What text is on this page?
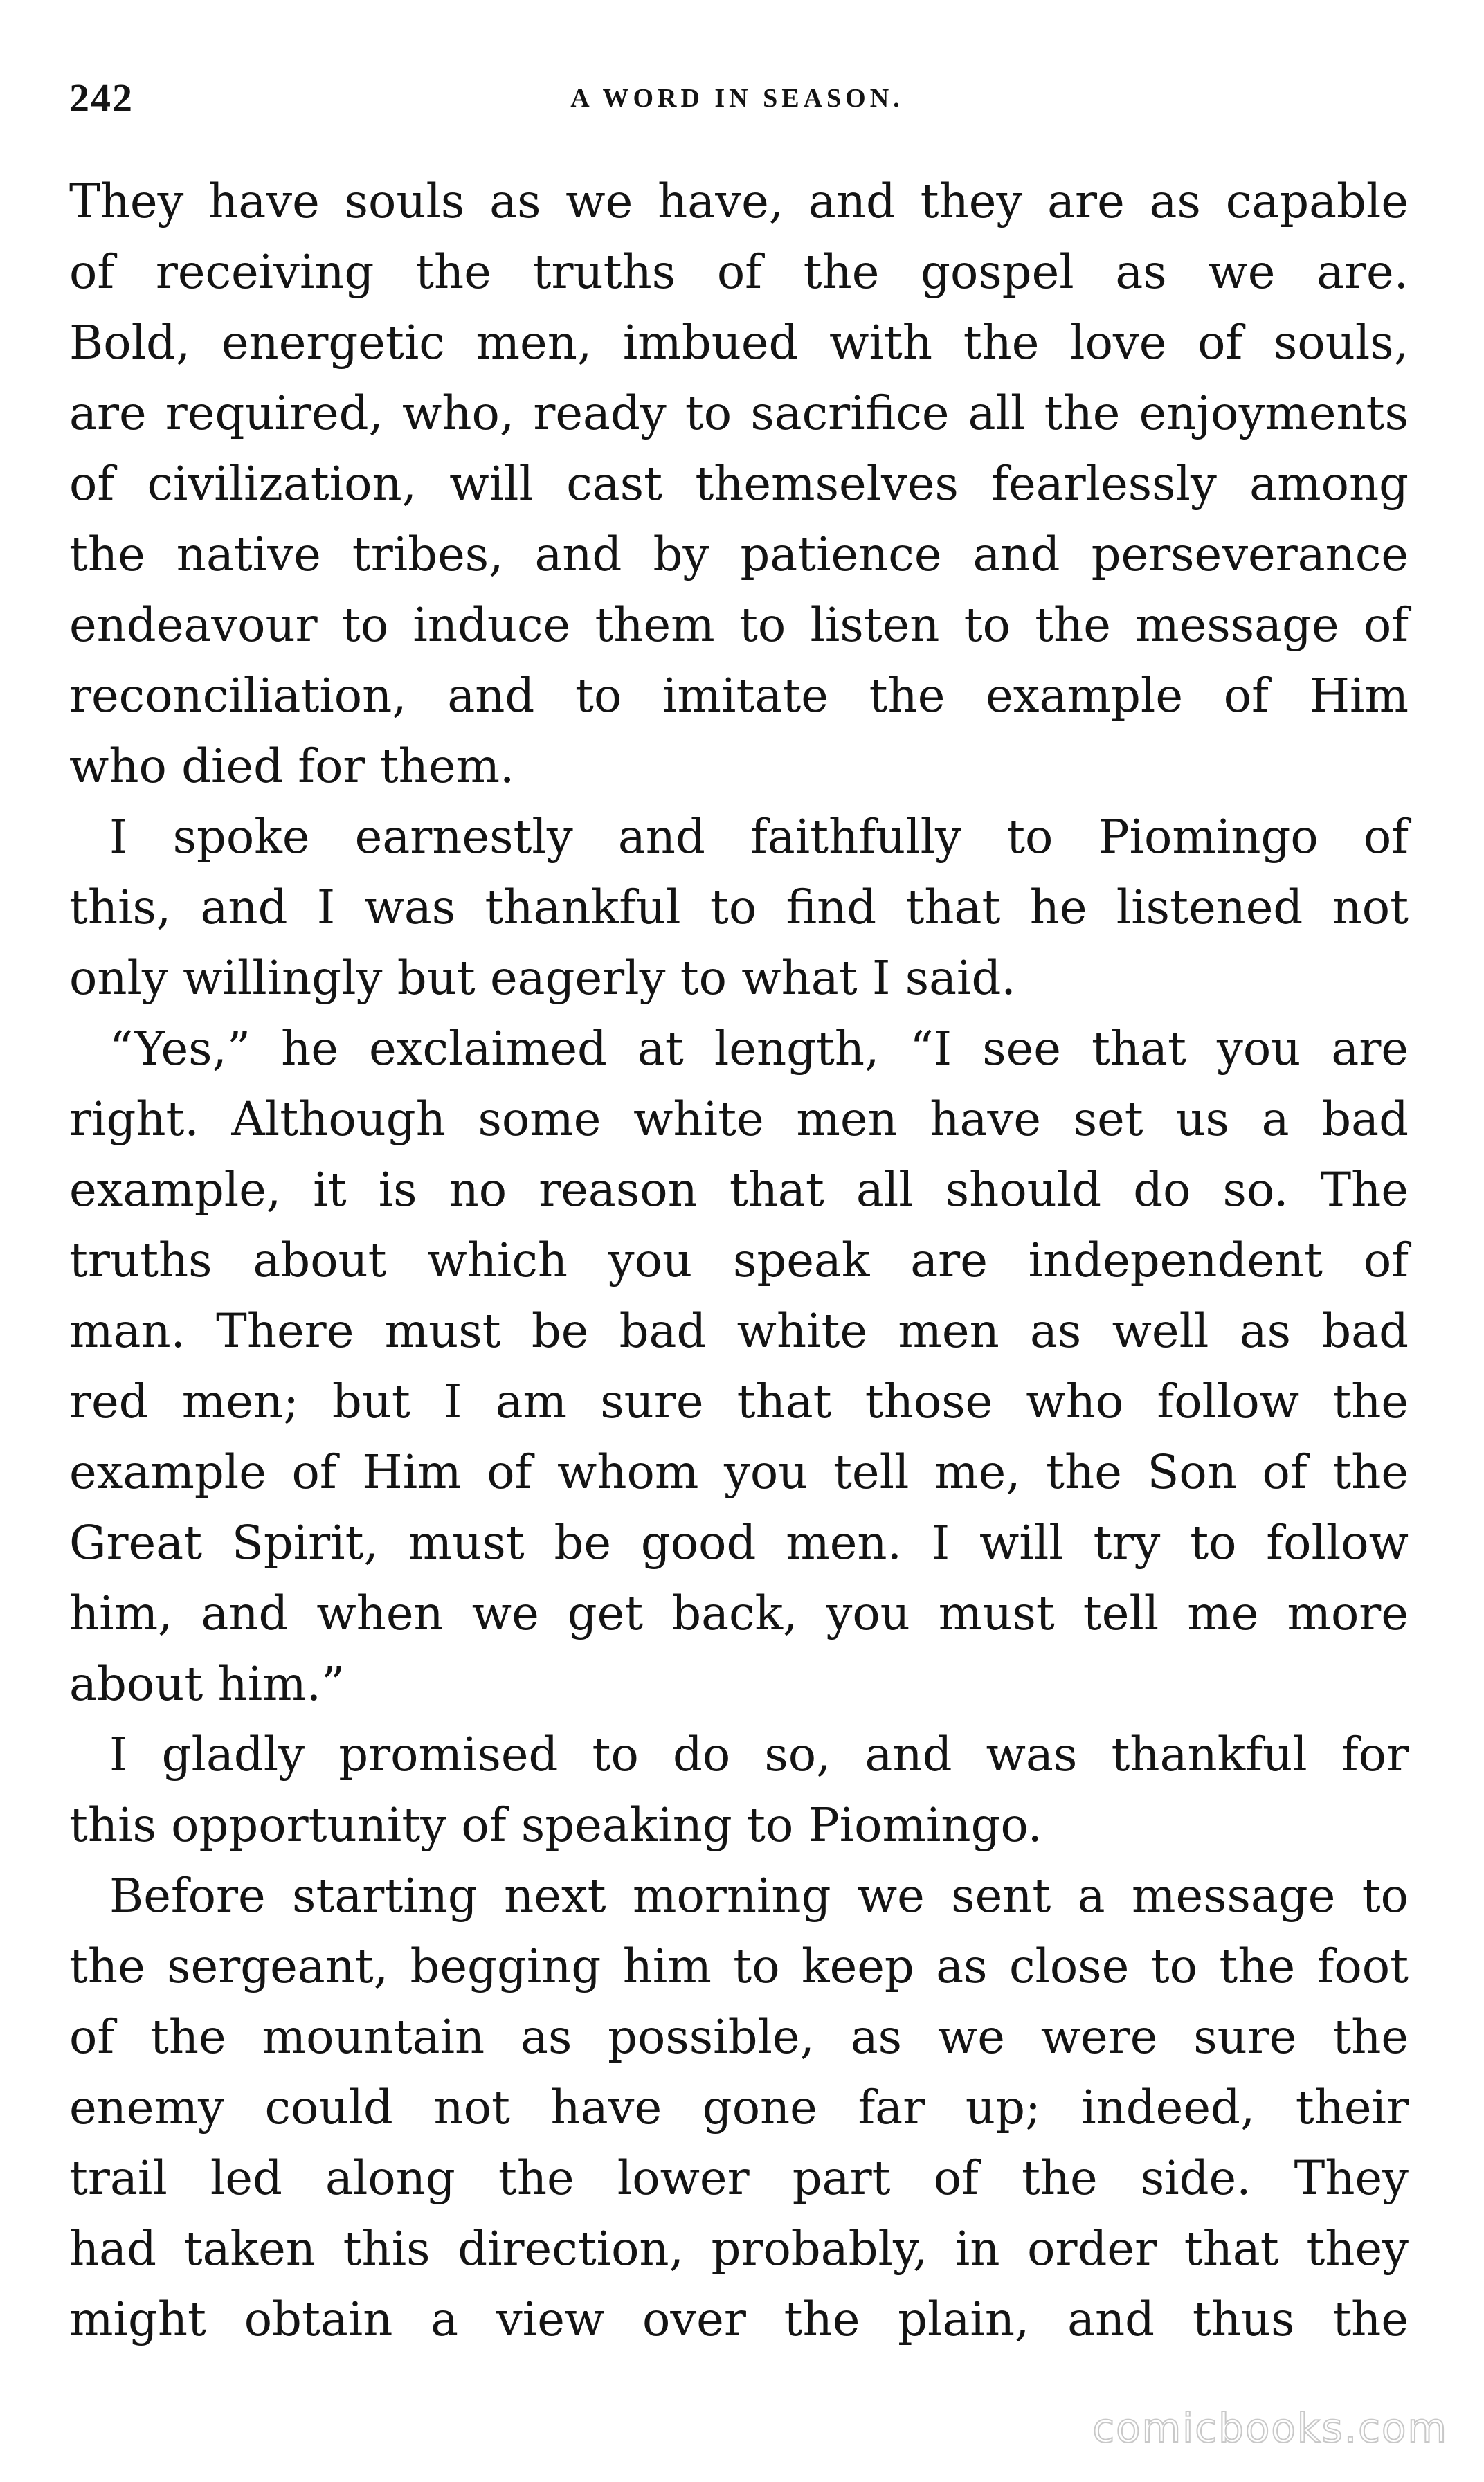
242	A WORD IN SEASON.
They have souls as we have, and they are as capable
of receiving the truths of the gospel as we are.
Bold, energetic men, imbued with the love of souls,
are required, who, ready to sacrifice all the enjoyments
of civilization, will cast themselves fearlessly among
the native tribes, and by patience and perseverance
endeavour to induce them to listen to the message of
reconciliation, and to imitate the example of Him
who died for them.
I spoke earnestly and faithfully to Piomingo of
this, and I was thankful to find that he listened not
only willingly but eagerly to what I said.
“Yes,” he exclaimed at length, “I see that you are
right. Although some white men have set us a bad
example, it is no reason that all should do so. The
truths about which you speak are independent of
man. There must be bad white men as well as bad
red men; but I am sure that those who follow the
example of Him of whom you tell me, the Son of the
Great Spirit, must be good men. I will try to follow
him, and when we get back, you must tell me more
about him.”
I gladly promised to do so, and was thankful for
this opportunity of speaking to Piomingo.
Before starting next morning we sent a message to
the sergeant, begging him to keep as close to the foot
of the mountain as possible, as we were sure the
enemy could not have gone far up; indeed, their
trail led along the lower part of the side. They
had taken this direction, probably, in order that they
might obtain a view over the plain, and thus the
comicbooks.com
